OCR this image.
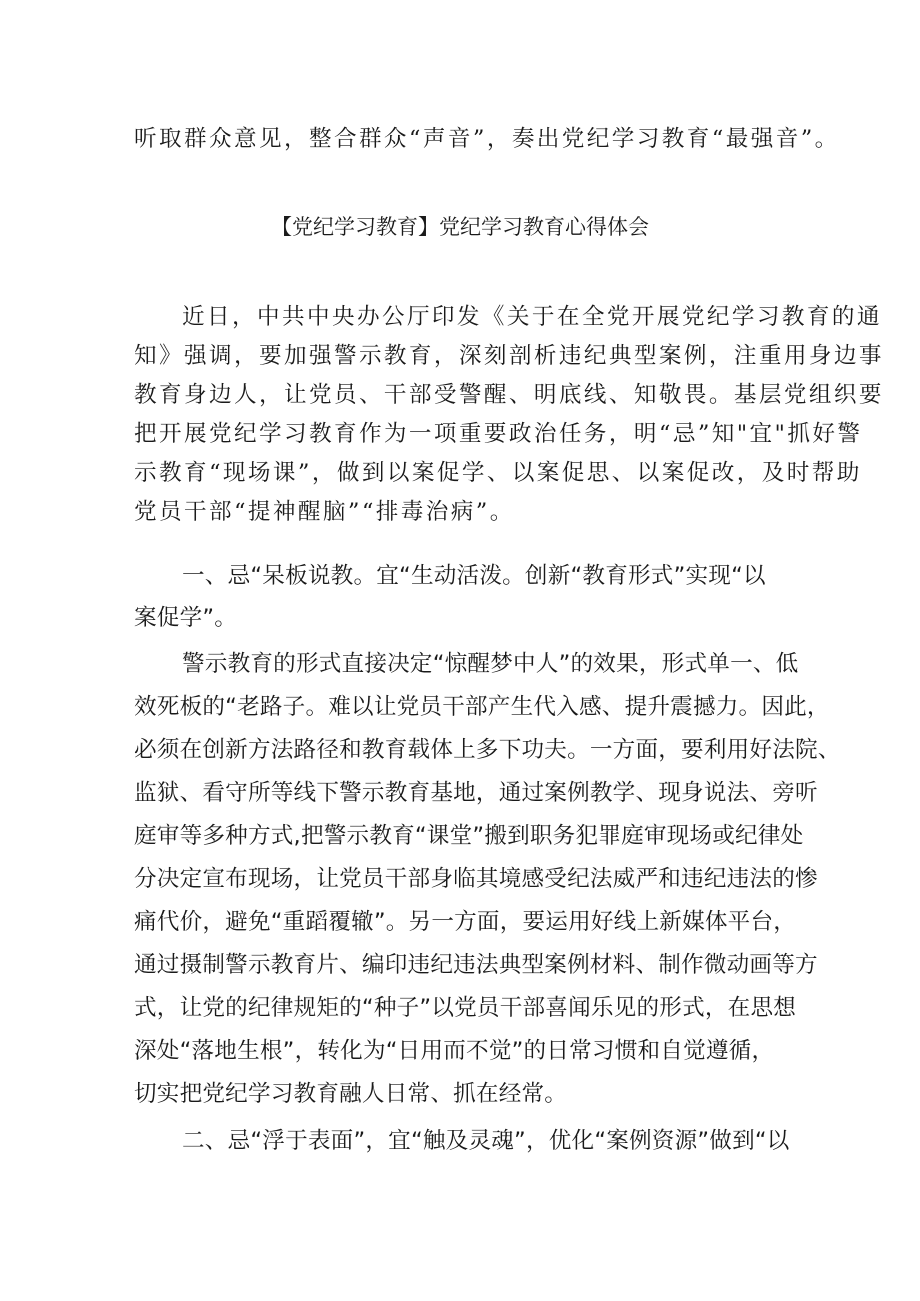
听取群众意见，整合群众“声音”，奏出党纪学习教育“最强音”。
【党纪学习教育】党纪学习教育心得体会
近日，中共中央办公厅印发《关于在全党开展党纪学习教育的通
知》强调，要加强警示教育，深刻剖析违纪典型案例，注重用身边事
教育身边人，让党员、干部受警醒、明底线、知敬畏。基层党组织要
把开展党纪学习教育作为一项重要政治任务，明“忌”知"宜"抓好警
示教育“现场课”，做到以案促学、以案促思、以案促改，及时帮助
党员干部“提神醒脑”“排毒治病”。
一、忌“呆板说教。宜“生动活泼。创新“教育形式”实现“以
案促学”。
警示教育的形式直接决定“惊醒梦中人”的效果，形式单一、低
效死板的“老路子。难以让党员干部产生代入感、提升震撼力。因此，
必须在创新方法路径和教育载体上多下功夫。一方面，要利用好法院、
监狱、看守所等线下警示教育基地，通过案例教学、现身说法、旁听
庭审等多种方式,把警示教育“课堂”搬到职务犯罪庭审现场或纪律处
分决定宣布现场，让党员干部身临其境感受纪法威严和违纪违法的惨
痛代价，避免“重蹈覆辙”。另一方面，要运用好线上新媒体平台，
通过摄制警示教育片、编印违纪违法典型案例材料、制作微动画等方
式，让党的纪律规矩的“种子”以党员干部喜闻乐见的形式，在思想
深处“落地生根”，转化为“日用而不觉”的日常习惯和自觉遵循，
切实把党纪学习教育融人日常、抓在经常。
二、忌“浮于表面”，宜“触及灵魂”，优化“案例资源”做到“以
